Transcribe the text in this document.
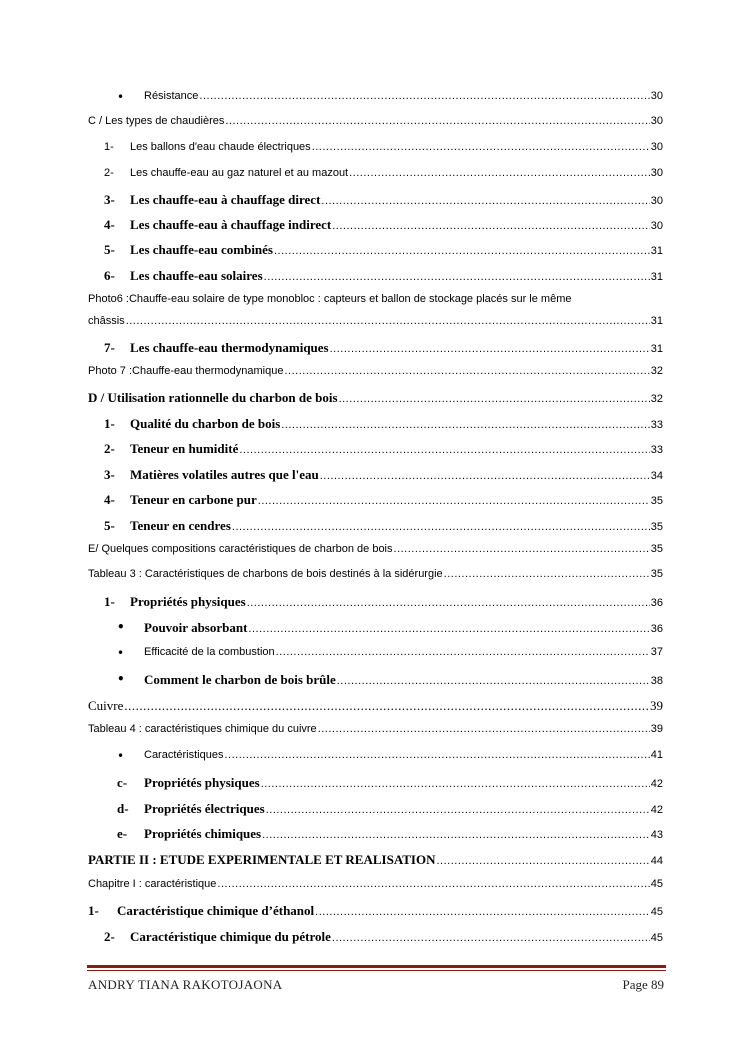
• Résistance .....	30
C / Les types de chaudières .....	30
1- Les ballons d'eau chaude électriques .....	30
2- Les chauffe-eau au gaz naturel et au mazout .....	30
3- Les chauffe-eau à chauffage direct .....	30
4- Les chauffe-eau à chauffage indirect .....	30
5- Les chauffe-eau combinés .....	31
6- Les chauffe-eau solaires .....	31
Photo6 :Chauffe-eau solaire de type monobloc : capteurs et ballon de stockage placés sur le même
châssis .....	31
7- Les chauffe-eau thermodynamiques .....	31
Photo 7 :Chauffe-eau thermodynamique .....	32
D / Utilisation rationnelle du charbon de bois .....	32
1- Qualité du charbon de bois .....	33
2- Teneur en humidité .....	33
3- Matières volatiles autres que l'eau .....	34
4- Teneur en carbone pur .....	35
5- Teneur en cendres .....	35
E/ Quelques compositions caractéristiques de charbon de bois .....	35
Tableau 3 : Caractéristiques de charbons de bois destinés à la sidérurgie .....	35
1- Propriétés physiques .....	36
• Pouvoir absorbant .....	36
• Efficacité de la combustion .....	37
• Comment le charbon de bois brûle .....	38
Cuivre .....	39
Tableau 4 : caractéristiques chimique du cuivre .....	39
• Caractéristiques .....	41
c- Propriétés physiques .....	42
d- Propriétés électriques .....	42
e- Propriétés chimiques .....	43
PARTIE II : ETUDE EXPERIMENTALE ET REALISATION .....	44
Chapitre I : caractéristique .....	45
1- Caractéristique chimique d’éthanol .....	45
2- Caractéristique chimique du pétrole .....	45
ANDRY TIANA RAKOTOJAONA	Page 89
